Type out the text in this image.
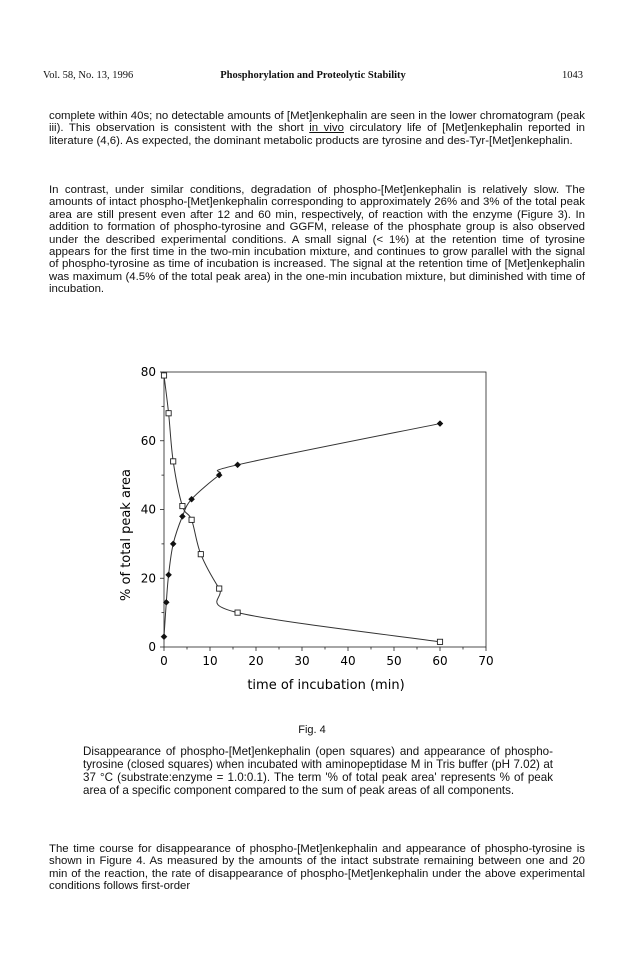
Vol. 58, No. 13, 1996	Phosphorylation and Proteolytic Stability	1043

complete within 40s; no detectable amounts of [Met]enkephalin are seen in the lower chromatogram (peak iii). This observation is consistent with the short in vivo circulatory life of [Met]enkephalin reported in literature (4,6). As expected, the dominant metabolic products are tyrosine and des-Tyr-[Met]enkephalin.

In contrast, under similar conditions, degradation of phospho-[Met]enkephalin is relatively slow. The amounts of intact phospho-[Met]enkephalin corresponding to approximately 26% and 3% of the total peak area are still present even after 12 and 60 min, respectively, of reaction with the enzyme (Figure 3). In addition to formation of phospho-tyrosine and GGFM, release of the phosphate group is also observed under the described experimental conditions. A small signal (< 1%) at the retention time of tyrosine appears for the first time in the two-min incubation mixture, and continues to grow parallel with the signal of phospho-tyrosine as time of incubation is increased. The signal at the retention time of [Met]enkephalin was maximum (4.5% of the total peak area) in the one-min incubation mixture, but diminished with time of incubation.

0	10	20	30	40	50	60	70
0
20
40
60
80
time of incubation (min)
% of total peak area
Fig. 4

Disappearance of phospho-[Met]enkephalin (open squares) and appearance of phospho-tyrosine (closed squares) when incubated with aminopeptidase M in Tris buffer (pH 7.02) at 37 °C (substrate:enzyme = 1.0:0.1). The term '% of total peak area' represents % of peak area of a specific component compared to the sum of peak areas of all components.

The time course for disappearance of phospho-[Met]enkephalin and appearance of phospho-tyrosine is shown in Figure 4. As measured by the amounts of the intact substrate remaining between one and 20 min of the reaction, the rate of disappearance of phospho-[Met]enkephalin under the above experimental conditions follows first-order
